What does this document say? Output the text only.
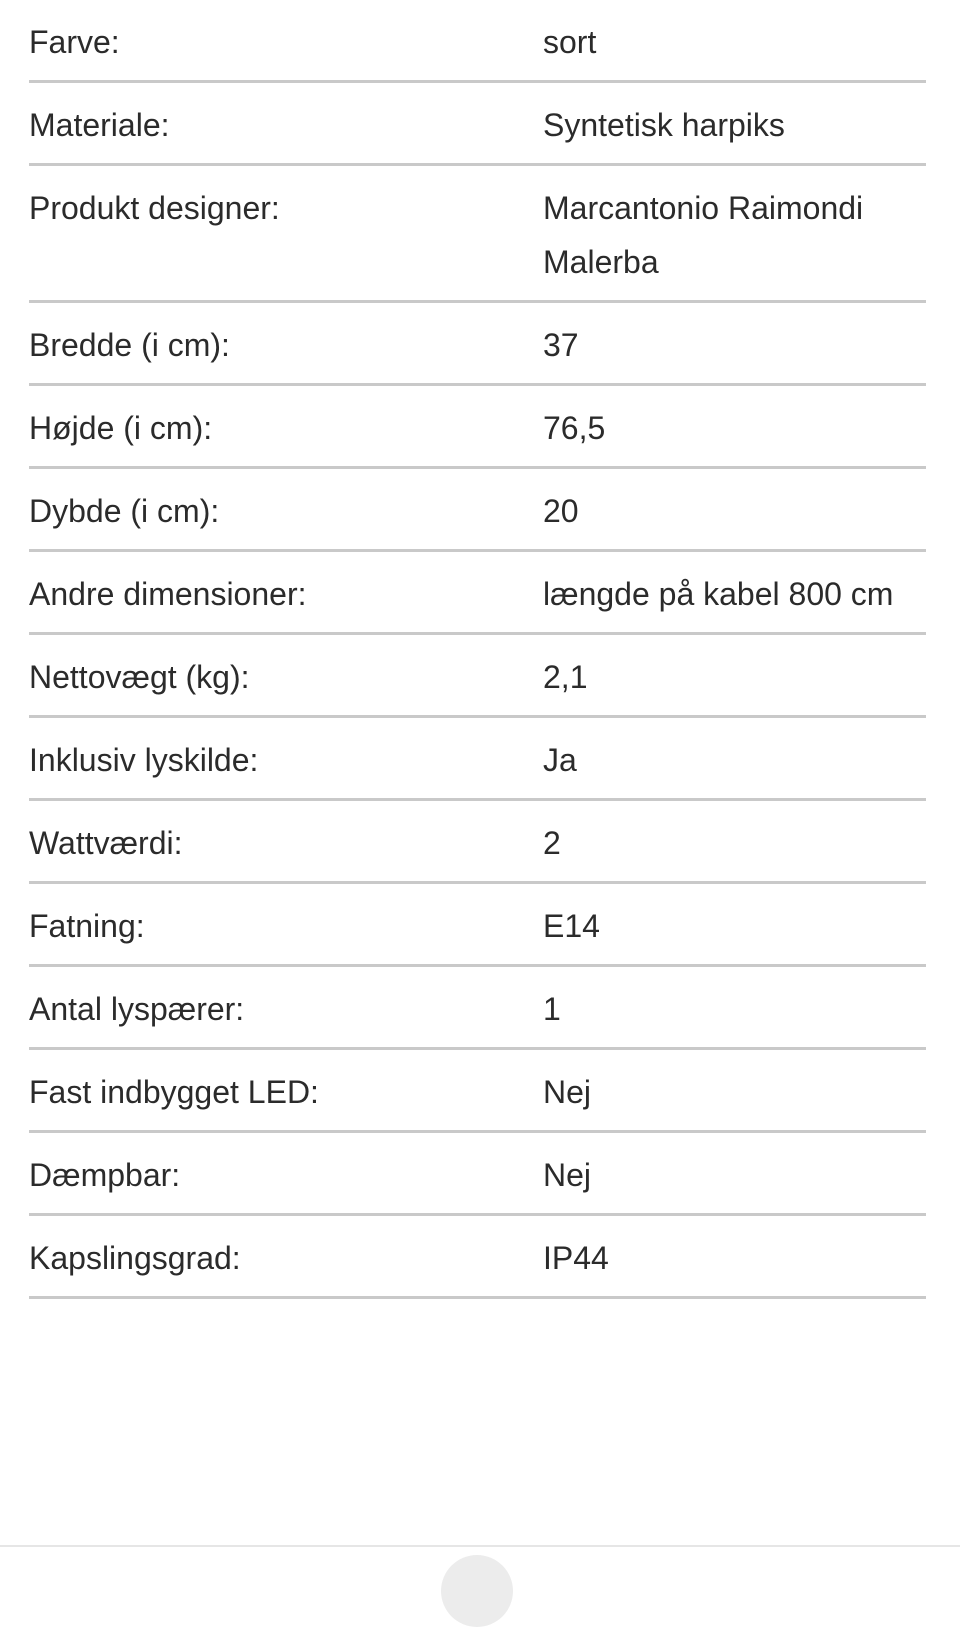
Farve:	sort
Materiale:	Syntetisk harpiks
Produkt designer:	Marcantonio Raimondi Malerba
Bredde (i cm):	37
Højde (i cm):	76,5
Dybde (i cm):	20
Andre dimensioner:	længde på kabel 800 cm
Nettovægt (kg):	2,1
Inklusiv lyskilde:	Ja
Wattværdi:	2
Fatning:	E14
Antal lyspærer:	1
Fast indbygget LED:	Nej
Dæmpbar:	Nej
Kapslingsgrad:	IP44
